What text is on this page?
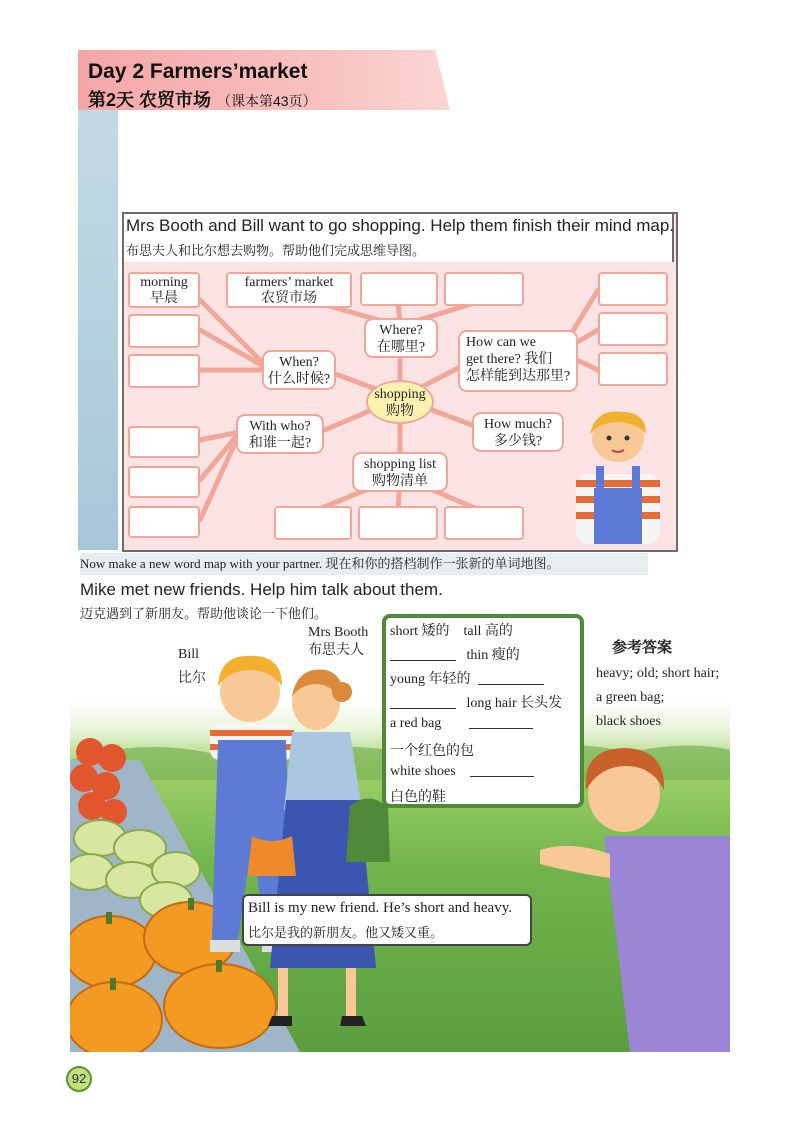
Day 2 Farmers’market
第2天 农贸市场 （课本第43页）
Mrs Booth and Bill want to go shopping. Help them finish their mind map.
布思夫人和比尔想去购物。帮助他们完成思维导图。
shopping
购物
Where?
在哪里?
When?
什么时候?
With who?
和谁一起?
How can we
get there? 我们
怎样能到达那里?
How much?
多少钱?
shopping list
购物清单
morning
早晨
farmers’ market
农贸市场
Now make a new word map with your partner. 现在和你的搭档制作一张新的单词地图。
Mike met new friends. Help him talk about them.
迈克遇到了新朋友。帮助他谈论一下他们。
Bill
比尔
Mrs Booth
布思夫人
short 矮的 tall 高的
thin 瘦的
young 年轻的
long hair 长头发
a red bag
一个红色的包
white shoes
白色的鞋
参考答案
heavy; old; short hair;
a green bag;
black shoes
Bill is my new friend. He’s short and heavy.
比尔是我的新朋友。他又矮又重。
92
